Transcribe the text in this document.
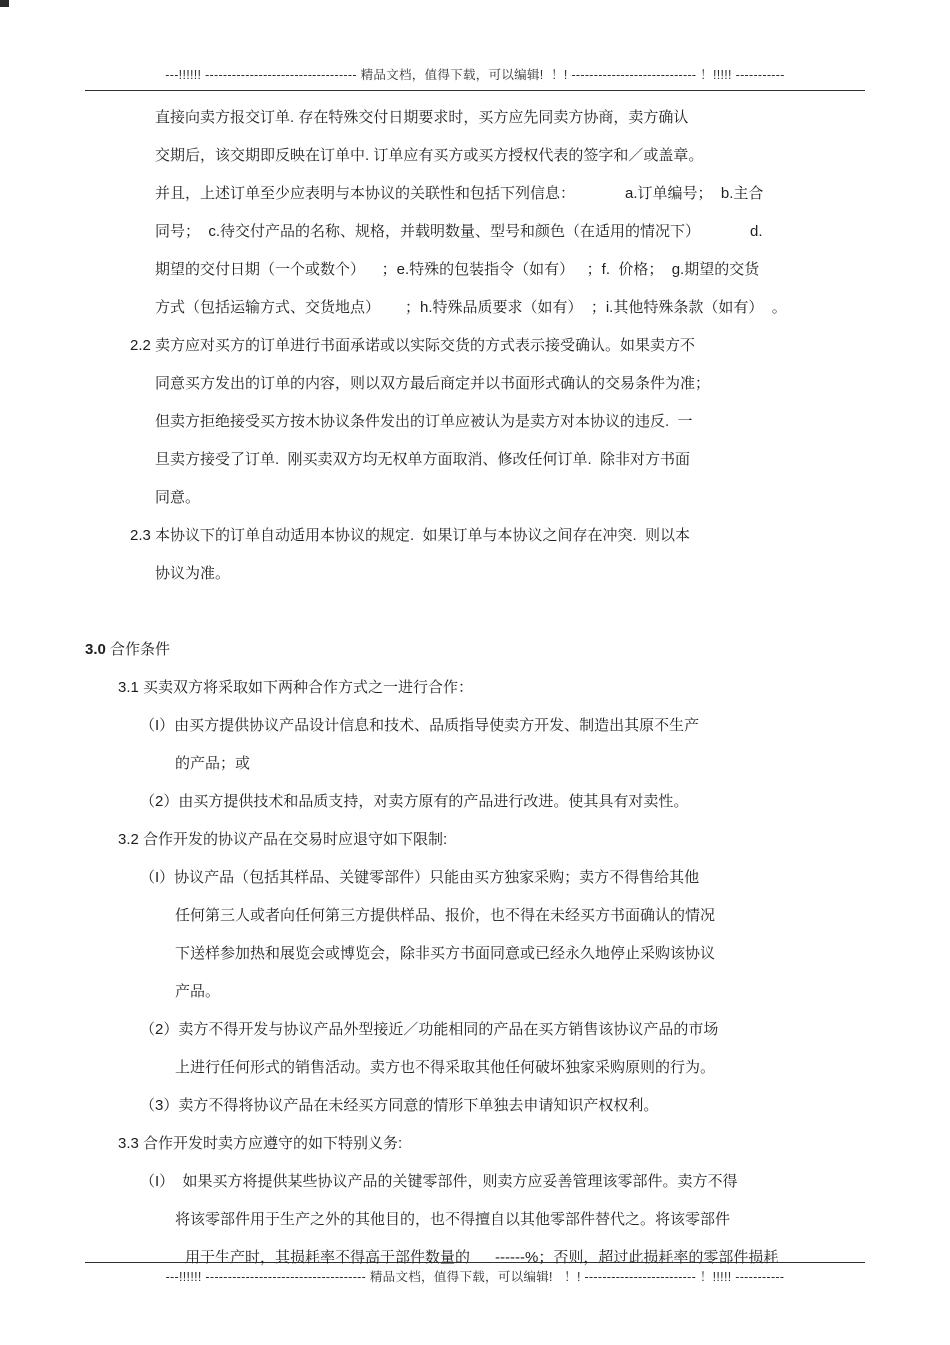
---!!!!!! ---------------------------------- 精品文档，值得下载，可以编辑!  ！! ---------------------------- ！!!!!! -----------
直接向卖方报交订单. 存在特殊交付日期要求时，买方应先同卖方协商，卖方确认
交期后，该交期即反映在订单中. 订单应有买方或买方授权代表的签字和／或盖章。
并且，上述订单至少应表明与本协议的关联性和包括下列信息：            a.订单编号；  b.主合
同号；  c.待交付产品的名称、规格，并载明数量、型号和颜色（在适用的情况下）            d.
期望的交付日期（一个或数个）    ；e.特殊的包装指令（如有）   ；f.  价格；  g.期望的交货
方式（包括运输方式、交货地点）      ；h.特殊品质要求（如有）  ；i.其他特殊条款（如有）  。
2.2 卖方应对买方的订单进行书面承诺或以实际交货的方式表示接受确认。如果卖方不
同意买方发出的订单的内容，则以双方最后商定并以书面形式确认的交易条件为准；
但卖方拒绝接受买方按木协议条件发出的订单应被认为是卖方对本协议的违反.  一
旦卖方接受了订单.  刚买卖双方均无权单方面取消、修改任何订单.  除非对方书面
同意。
2.3 本协议下的订单自动适用本协议的规定.  如果订单与本协议之间存在冲突.  则以本
协议为准。
3.0 合作条件
3.1 买卖双方将采取如下两种合作方式之一进行合作：
（I）由买方提供协议产品设计信息和技术、品质指导使卖方开发、制造出其原不生产
的产品；或
（2）由买方提供技术和品质支持，对卖方原有的产品进行改进。使其具有对卖性。
3.2 合作开发的协议产品在交易时应退守如下限制:
（I）协议产品（包括其样品、关键零部件）只能由买方独家采购；卖方不得售给其他
任何第三人或者向任何第三方提供样品、报价，也不得在未经买方书面确认的情况
下送样参加热和展览会或博览会，除非买方书面同意或已经永久地停止采购该协议
产品。
（2）卖方不得开发与协议产品外型接近／功能相同的产品在买方销售该协议产品的市场
上进行任何形式的销售活动。卖方也不得采取其他任何破坏独家采购原则的行为。
（3）卖方不得将协议产品在未经买方同意的情形下单独去申请知识产权权利。
3.3 合作开发时卖方应遵守的如下特别义务:
（I）  如果买方将提供某些协议产品的关键零部件，则卖方应妥善管理该零部件。卖方不得
将该零部件用于生产之外的其他目的，也不得擅自以其他零部件替代之。将该零部件
用于生产时，其损耗率不得高于部件数量的      ------%；否则，超过此损耗率的零部件损耗
---!!!!!! ------------------------------------ 精品文档，值得下载，可以编辑!   ！! ------------------------- ！!!!!! -----------
